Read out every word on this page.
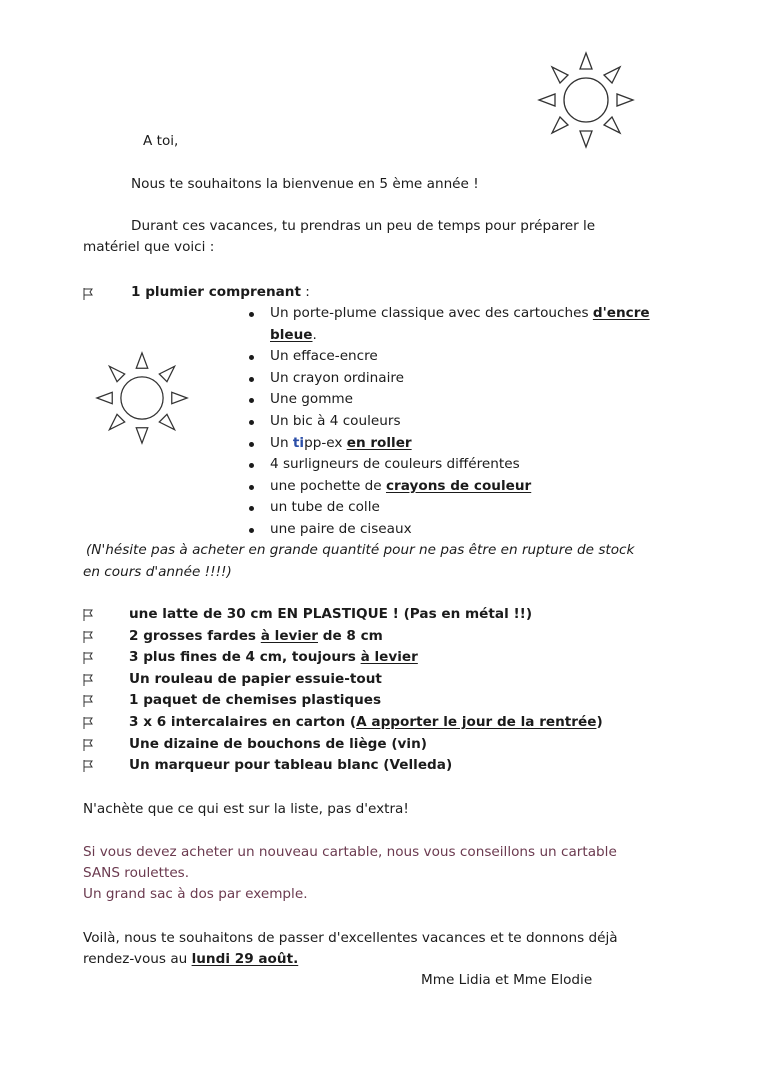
A toi,
Nous te souhaitons la bienvenue en 5 ème année !
Durant ces vacances, tu prendras un peu de temps pour préparer le
matériel que voici :
1 plumier comprenant :
Un porte-plume classique avec des cartouches d'encre
bleue.
Un efface-encre
Un crayon ordinaire
Une gomme
Un bic à 4 couleurs
Un tipp-ex en roller
4 surligneurs de couleurs différentes
une pochette de crayons de couleur
un tube de colle
une paire de ciseaux
(N'hésite pas à acheter en grande quantité pour ne pas être en rupture de stock
en cours d'année !!!!)
une latte de 30 cm EN PLASTIQUE ! (Pas en métal !!)
2 grosses fardes à levier de 8 cm
3 plus fines de 4 cm, toujours à levier
Un rouleau de papier essuie-tout
1 paquet de chemises plastiques
3 x 6 intercalaires en carton (A apporter le jour de la rentrée)
Une dizaine de bouchons de liège (vin)
Un marqueur pour tableau blanc (Velleda)
N'achète que ce qui est sur la liste, pas d'extra!
Si vous devez acheter un nouveau cartable, nous vous conseillons un cartable
SANS roulettes.
Un grand sac à dos par exemple.
Voilà, nous te souhaitons de passer d'excellentes vacances et te donnons déjà
rendez-vous au lundi 29 août.
Mme Lidia et Mme Elodie
